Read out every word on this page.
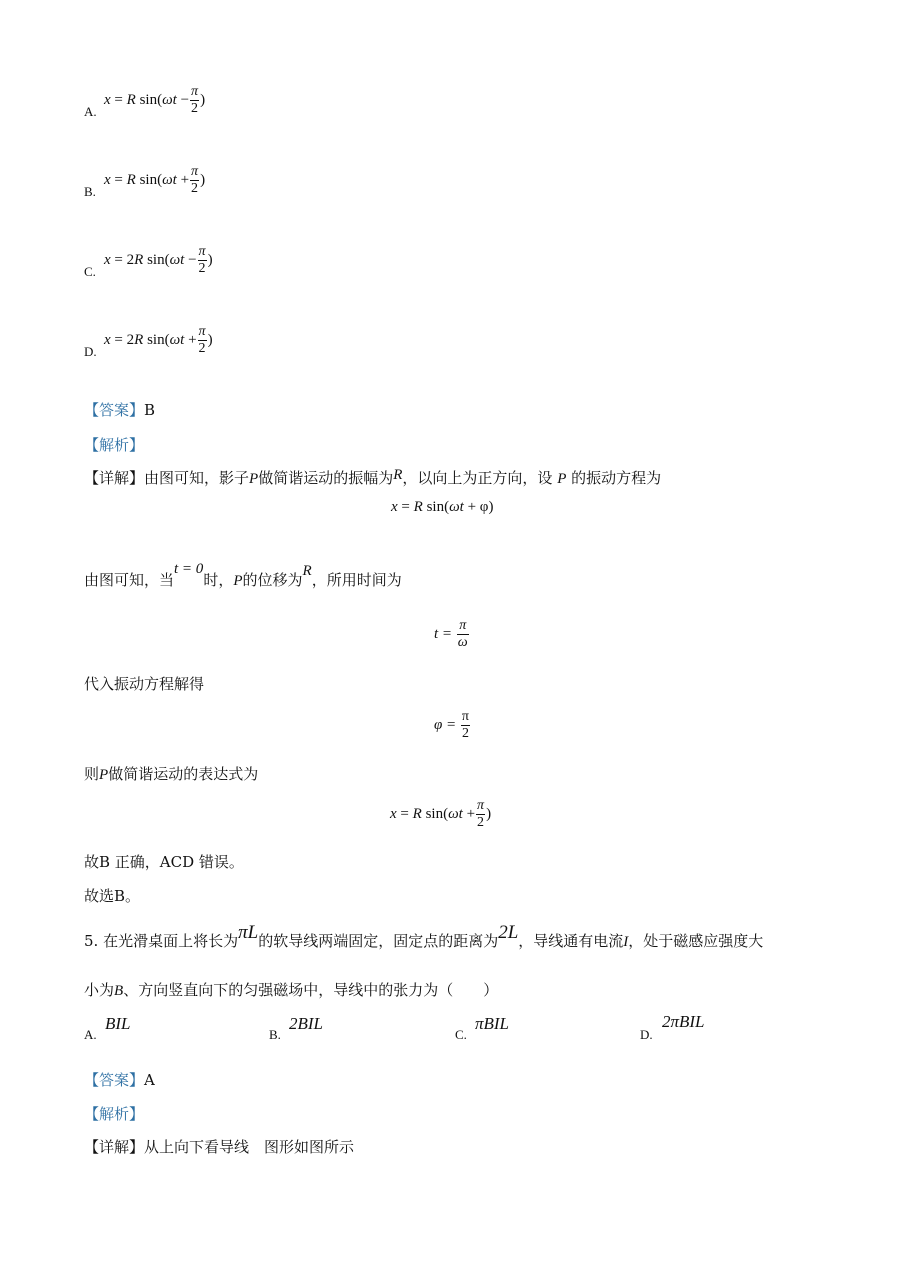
A.
x = R $\sin(\omega t - \frac{\pi}{2}$ )
B.
x = R $\sin(\omega t + \frac{\pi}{2}$ )
C.
x = 2R $\sin(\omega t - \frac{\pi}{2}$ )
D.
x = 2R $\sin(\omega t + \frac{\pi}{2}$ )
【答案】B
【解析】
【详解】由图可知，影子P做简谐运动的振幅为R，以向上为正方向，设 P 的振动方程为
x = R sin(ωt + φ)
由图可知，当t = 0时，P的位移为R，所用时间为
$t = \frac{\pi}{\omega}$
代入振动方程解得
$\varphi = \frac{\pi}{2}$
则P做简谐运动的表达式为
x = R $\sin(\omega t + \frac{\pi}{2}$ )
故B 正确，ACD 错误。
故选B。
5. 在光滑桌面上将长为πL的软导线两端固定，固定点的距离为2L，导线通有电流I，处于磁感应强度大
小为B、方向竖直向下的匀强磁场中，导线中的张力为（　　）
A.
BIL
B.
2BIL
C.
πBIL
D.
2πBIL
【答案】A
【解析】
【详解】从上向下看导线　图形如图所示
